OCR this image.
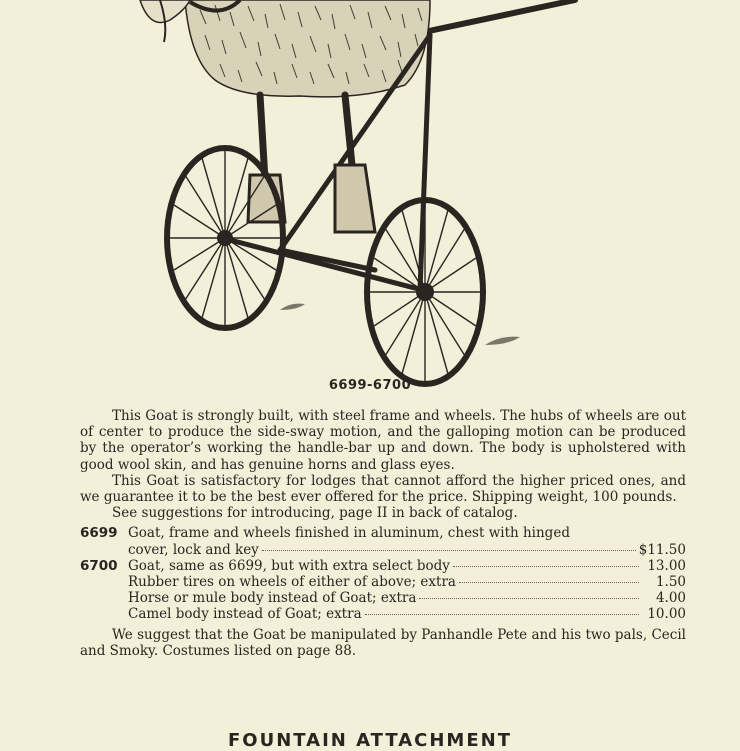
6699-6700

This Goat is strongly built, with steel frame and wheels. The hubs of wheels are out of center to produce the side-sway motion, and the galloping motion can be produced by the operator’s working the handle-bar up and down. The body is upholstered with good wool skin, and has genuine horns and glass eyes.

This Goat is satisfactory for lodges that cannot afford the higher priced ones, and we guarantee it to be the best ever offered for the price. Shipping weight, 100 pounds.

See suggestions for introducing, page II in back of catalog.

6699 Goat, frame and wheels finished in aluminum, chest with hinged
cover, lock and key	$11.50
6700 Goat, same as 6699, but with extra select body	13.00
Rubber tires on wheels of either of above; extra	1.50
Horse or mule body instead of Goat; extra	4.00
Camel body instead of Goat; extra	10.00

We suggest that the Goat be manipulated by Panhandle Pete and his two pals, Cecil and Smoky. Costumes listed on page 88.

FOUNTAIN ATTACHMENT
